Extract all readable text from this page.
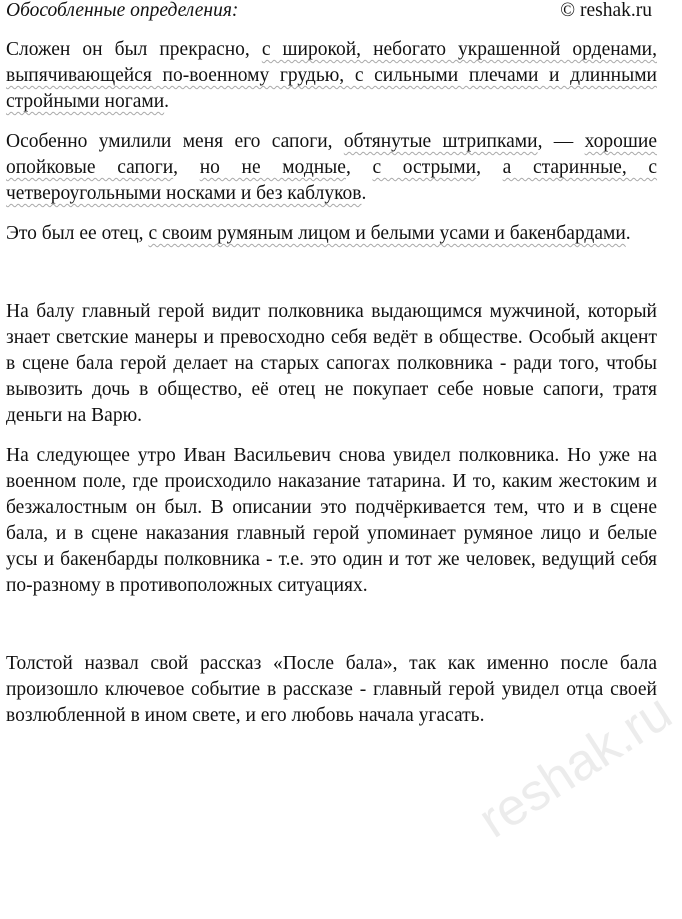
Обособленные определения:	© reshak.ru

Сложен он был прекрасно, с широкой, небогато украшенной орденами, выпячивающейся по-военному грудью, с сильными плечами и длинными стройными ногами.

Особенно умилили меня его сапоги, обтянутые штрипками, — хорошие опойковые сапоги, но не модные, с острыми, а старинные, с четвероугольными носками и без каблуков.

Это был ее отец, с своим румяным лицом и белыми усами и бакенбардами.

На балу главный герой видит полковника выдающимся мужчиной, который знает светские манеры и превосходно себя ведёт в обществе. Особый акцент в сцене бала герой делает на старых сапогах полковника - ради того, чтобы вывозить дочь в общество, её отец не покупает себе новые сапоги, тратя деньги на Варю.

На следующее утро Иван Васильевич снова увидел полковника. Но уже на военном поле, где происходило наказание татарина. И то, каким жестоким и безжалостным он был. В описании это подчёркивается тем, что и в сцене бала, и в сцене наказания главный герой упоминает румяное лицо и белые усы и бакенбарды полковника - т.е. это один и тот же человек, ведущий себя по-разному в противоположных ситуациях.

Толстой назвал свой рассказ «После бала», так как именно после бала произошло ключевое событие в рассказе - главный герой увидел отца своей возлюбленной в ином свете, и его любовь начала угасать.

reshak.ru
